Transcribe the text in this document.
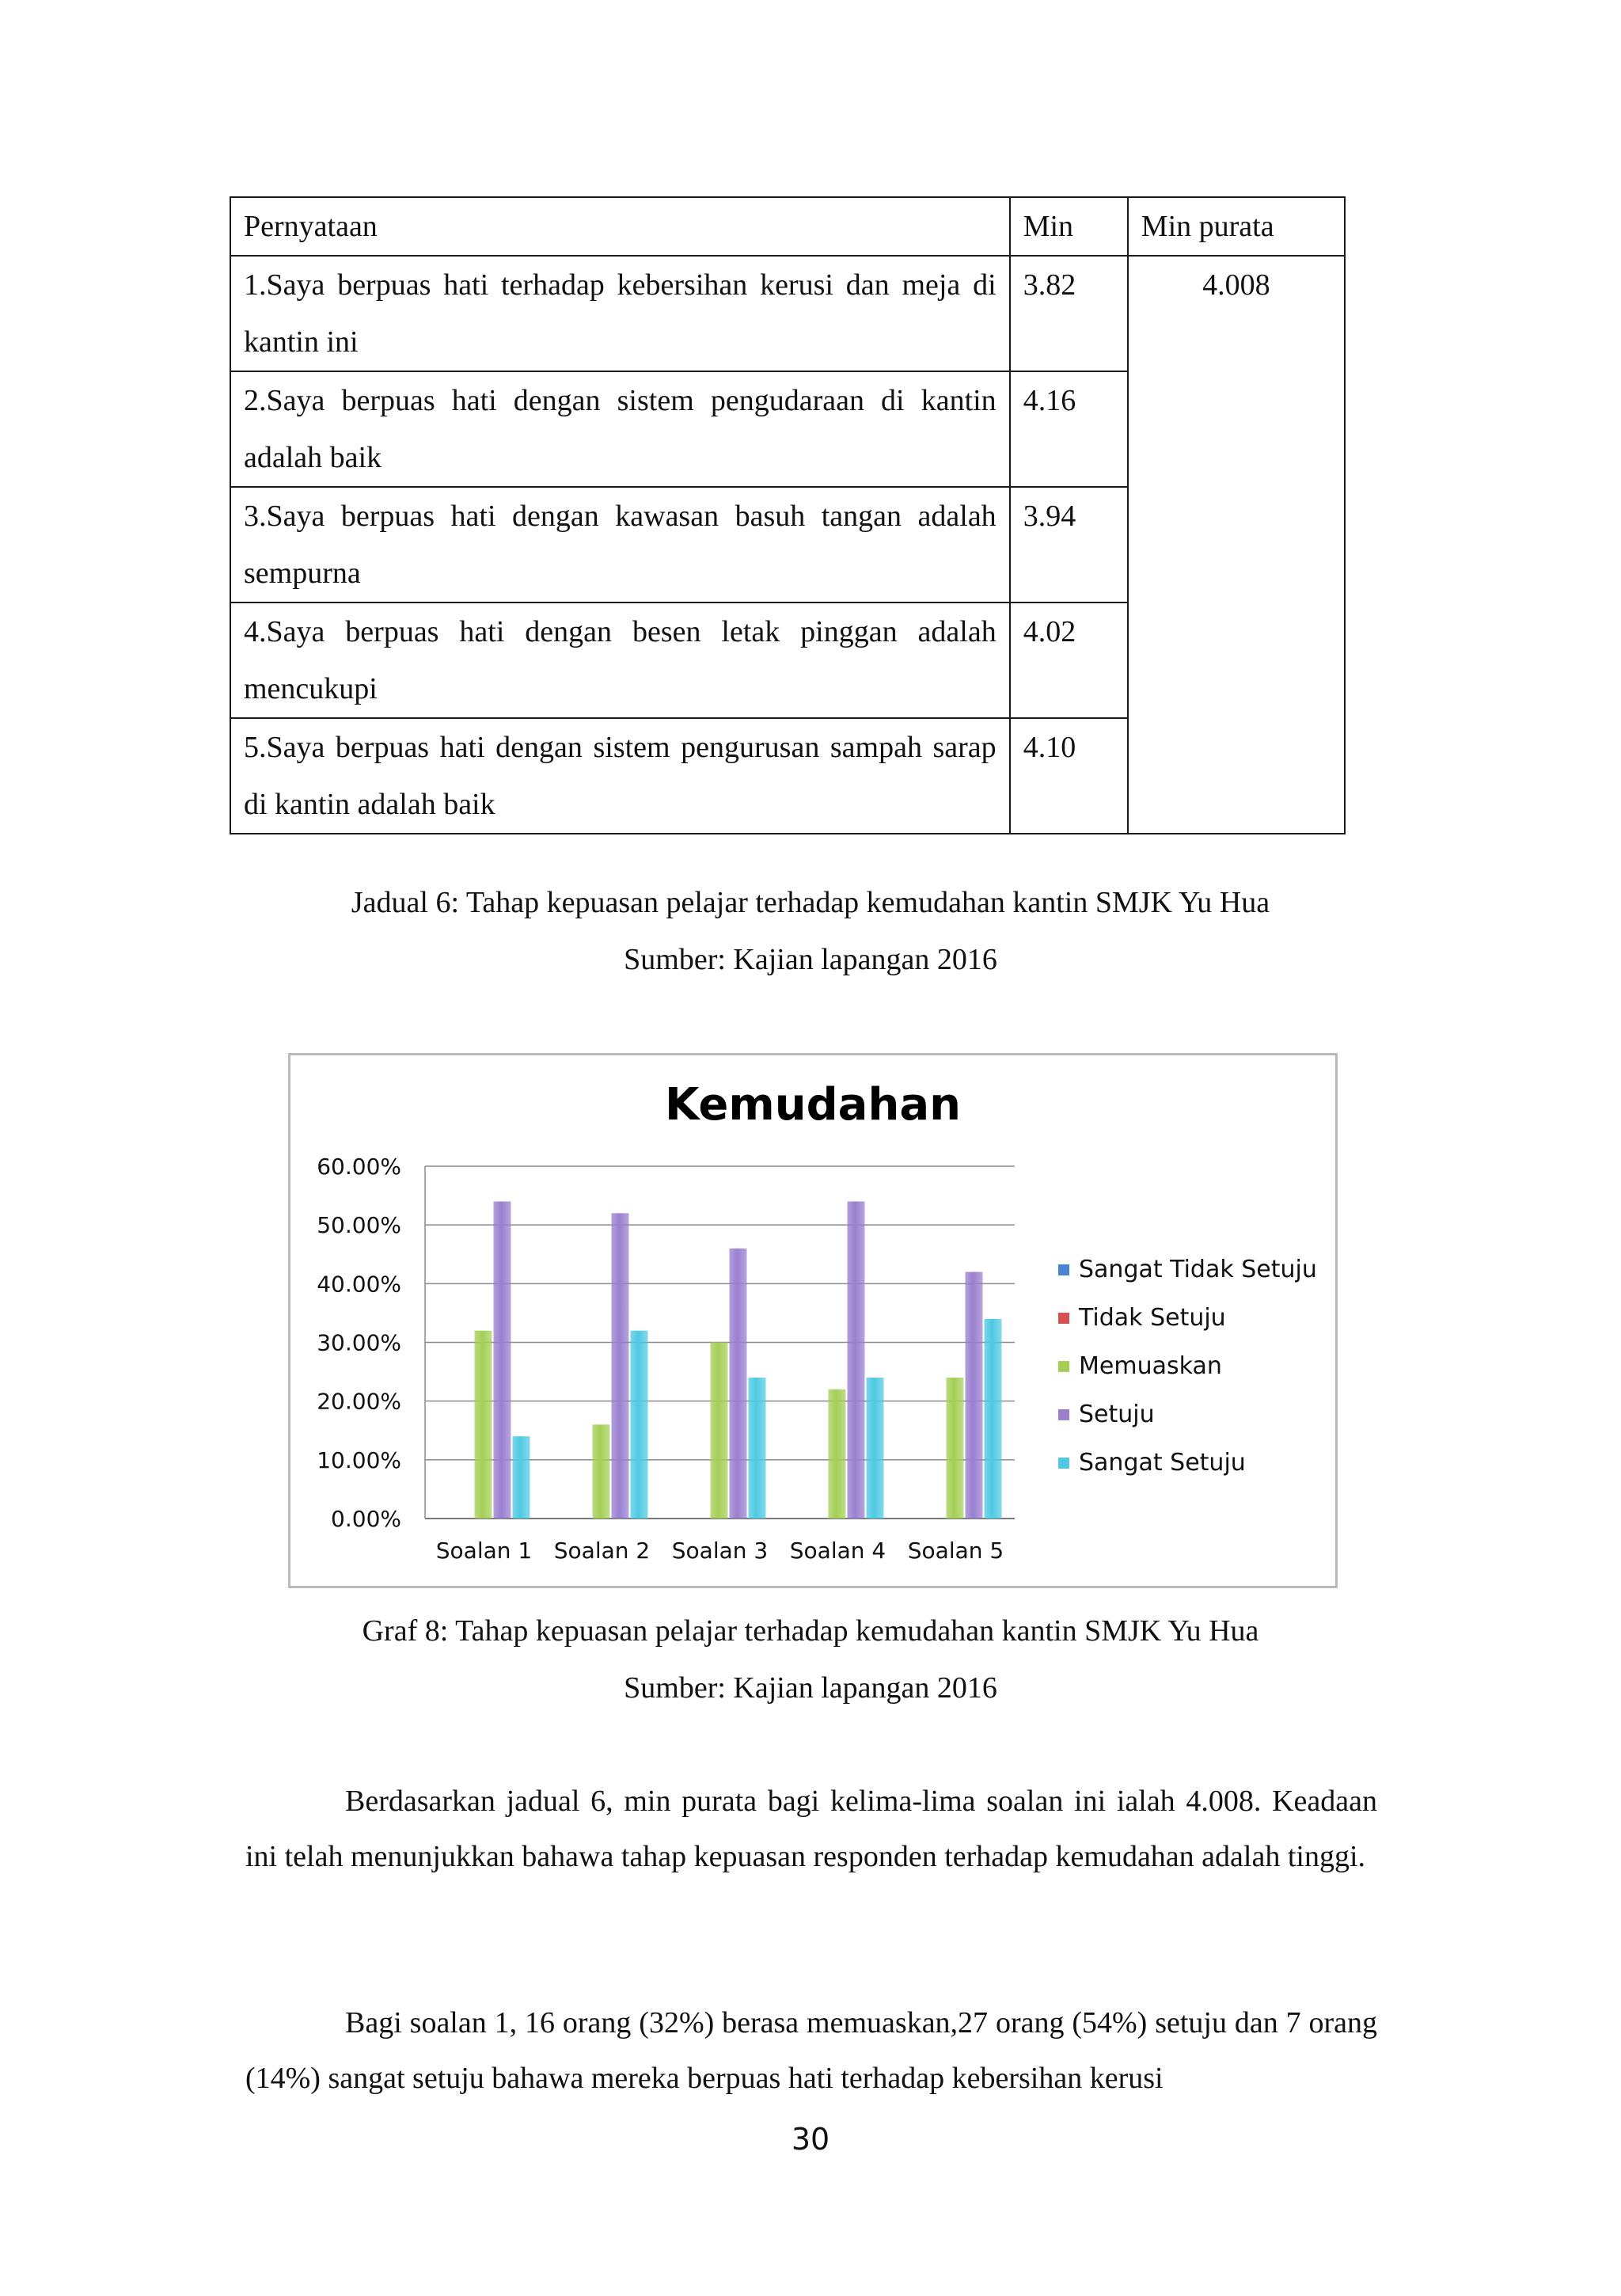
Pernyataan	Min	Min purata
1.Saya berpuas hati terhadap kebersihan kerusi dan meja di kantin ini	3.82	4.008
2.Saya berpuas hati dengan sistem pengudaraan di kantin adalah baik	4.16	
3.Saya berpuas hati dengan kawasan basuh tangan adalah sempurna	3.94	
4.Saya berpuas hati dengan besen letak pinggan adalah mencukupi	4.02	
5.Saya berpuas hati dengan sistem pengurusan sampah sarap di kantin adalah baik	4.10	
Jadual 6: Tahap kepuasan pelajar terhadap kemudahan kantin SMJK Yu Hua
Sumber: Kajian lapangan 2016
Kemudahan
0.00%
10.00%
20.00%
30.00%
40.00%
50.00%
60.00%
Soalan 1 Soalan 2 Soalan 3 Soalan 4 Soalan 5
Sangat Tidak Setuju
Tidak Setuju
Memuaskan
Setuju
Sangat Setuju
Graf 8: Tahap kepuasan pelajar terhadap kemudahan kantin SMJK Yu Hua
Sumber: Kajian lapangan 2016
Berdasarkan jadual 6, min purata bagi kelima-lima soalan ini ialah 4.008. Keadaan ini telah menunjukkan bahawa tahap kepuasan responden terhadap kemudahan adalah tinggi.
Bagi soalan 1, 16 orang (32%) berasa memuaskan,27 orang (54%) setuju dan 7 orang (14%) sangat setuju bahawa mereka berpuas hati terhadap kebersihan kerusi
30
